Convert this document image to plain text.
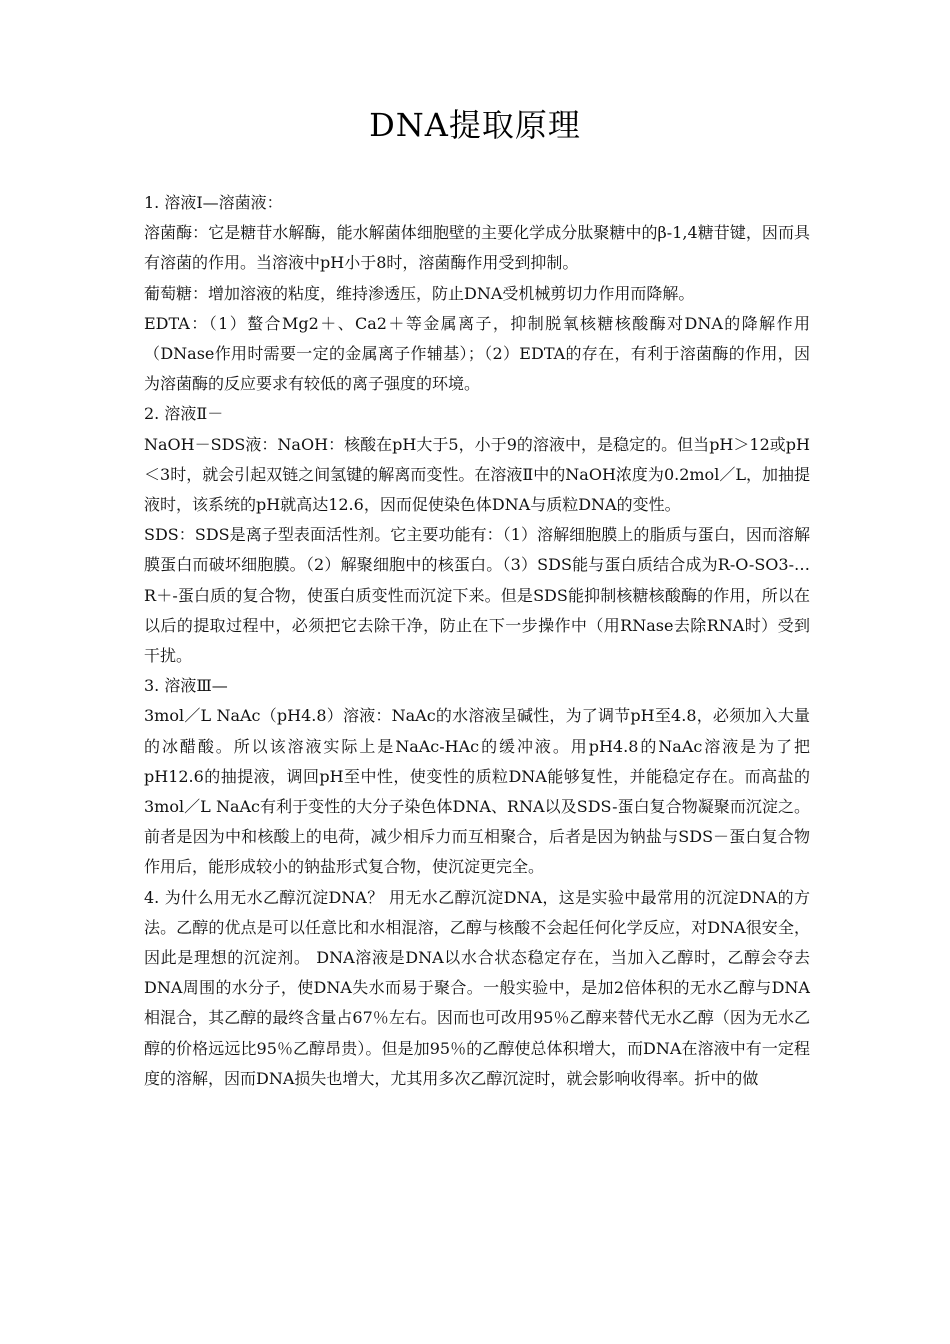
DNA提取原理

1. 溶液Ⅰ—溶菌液：

溶菌酶：它是糖苷水解酶，能水解菌体细胞壁的主要化学成分肽聚糖中的β-1,4糖苷键，因而具有溶菌的作用。当溶液中pH小于8时，溶菌酶作用受到抑制。

葡萄糖：增加溶液的粘度，维持渗透压，防止DNA受机械剪切力作用而降解。

EDTA：（1）螯合Mg2＋、Ca2＋等金属离子，抑制脱氧核糖核酸酶对DNA的降解作用（DNase作用时需要一定的金属离子作辅基）；（2）EDTA的存在，有利于溶菌酶的作用，因为溶菌酶的反应要求有较低的离子强度的环境。

2. 溶液Ⅱ－

NaOH－SDS液：NaOH：核酸在pH大于5，小于9的溶液中，是稳定的。但当pH＞12或pH＜3时，就会引起双链之间氢键的解离而变性。在溶液Ⅱ中的NaOH浓度为0.2mol／L，加抽提液时，该系统的pH就高达12.6，因而促使染色体DNA与质粒DNA的变性。

SDS：SDS是离子型表面活性剂。它主要功能有：（1）溶解细胞膜上的脂质与蛋白，因而溶解膜蛋白而破坏细胞膜。（2）解聚细胞中的核蛋白。（3）SDS能与蛋白质结合成为R-O-SO3-…R＋-蛋白质的复合物，使蛋白质变性而沉淀下来。但是SDS能抑制核糖核酸酶的作用，所以在以后的提取过程中，必须把它去除干净，防止在下一步操作中（用RNase去除RNA时）受到干扰。

3. 溶液Ⅲ—

3mol／L NaAc（pH4.8）溶液：NaAc的水溶液呈碱性，为了调节pH至4.8，必须加入大量的冰醋酸。所以该溶液实际上是NaAc-HAc的缓冲液。用pH4.8的NaAc溶液是为了把pH12.6的抽提液，调回pH至中性，使变性的质粒DNA能够复性，并能稳定存在。而高盐的3mol／L NaAc有利于变性的大分子染色体DNA、RNA以及SDS-蛋白复合物凝聚而沉淀之。前者是因为中和核酸上的电荷，减少相斥力而互相聚合，后者是因为钠盐与SDS－蛋白复合物作用后，能形成较小的钠盐形式复合物，使沉淀更完全。

4. 为什么用无水乙醇沉淀DNA？ 用无水乙醇沉淀DNA，这是实验中最常用的沉淀DNA的方法。乙醇的优点是可以任意比和水相混溶，乙醇与核酸不会起任何化学反应，对DNA很安全，因此是理想的沉淀剂。 DNA溶液是DNA以水合状态稳定存在，当加入乙醇时，乙醇会夺去DNA周围的水分子，使DNA失水而易于聚合。一般实验中，是加2倍体积的无水乙醇与DNA相混合，其乙醇的最终含量占67％左右。因而也可改用95％乙醇来替代无水乙醇（因为无水乙醇的价格远远比95％乙醇昂贵）。但是加95％的乙醇使总体积增大，而DNA在溶液中有一定程度的溶解，因而DNA损失也增大，尤其用多次乙醇沉淀时，就会影响收得率。折中的做
